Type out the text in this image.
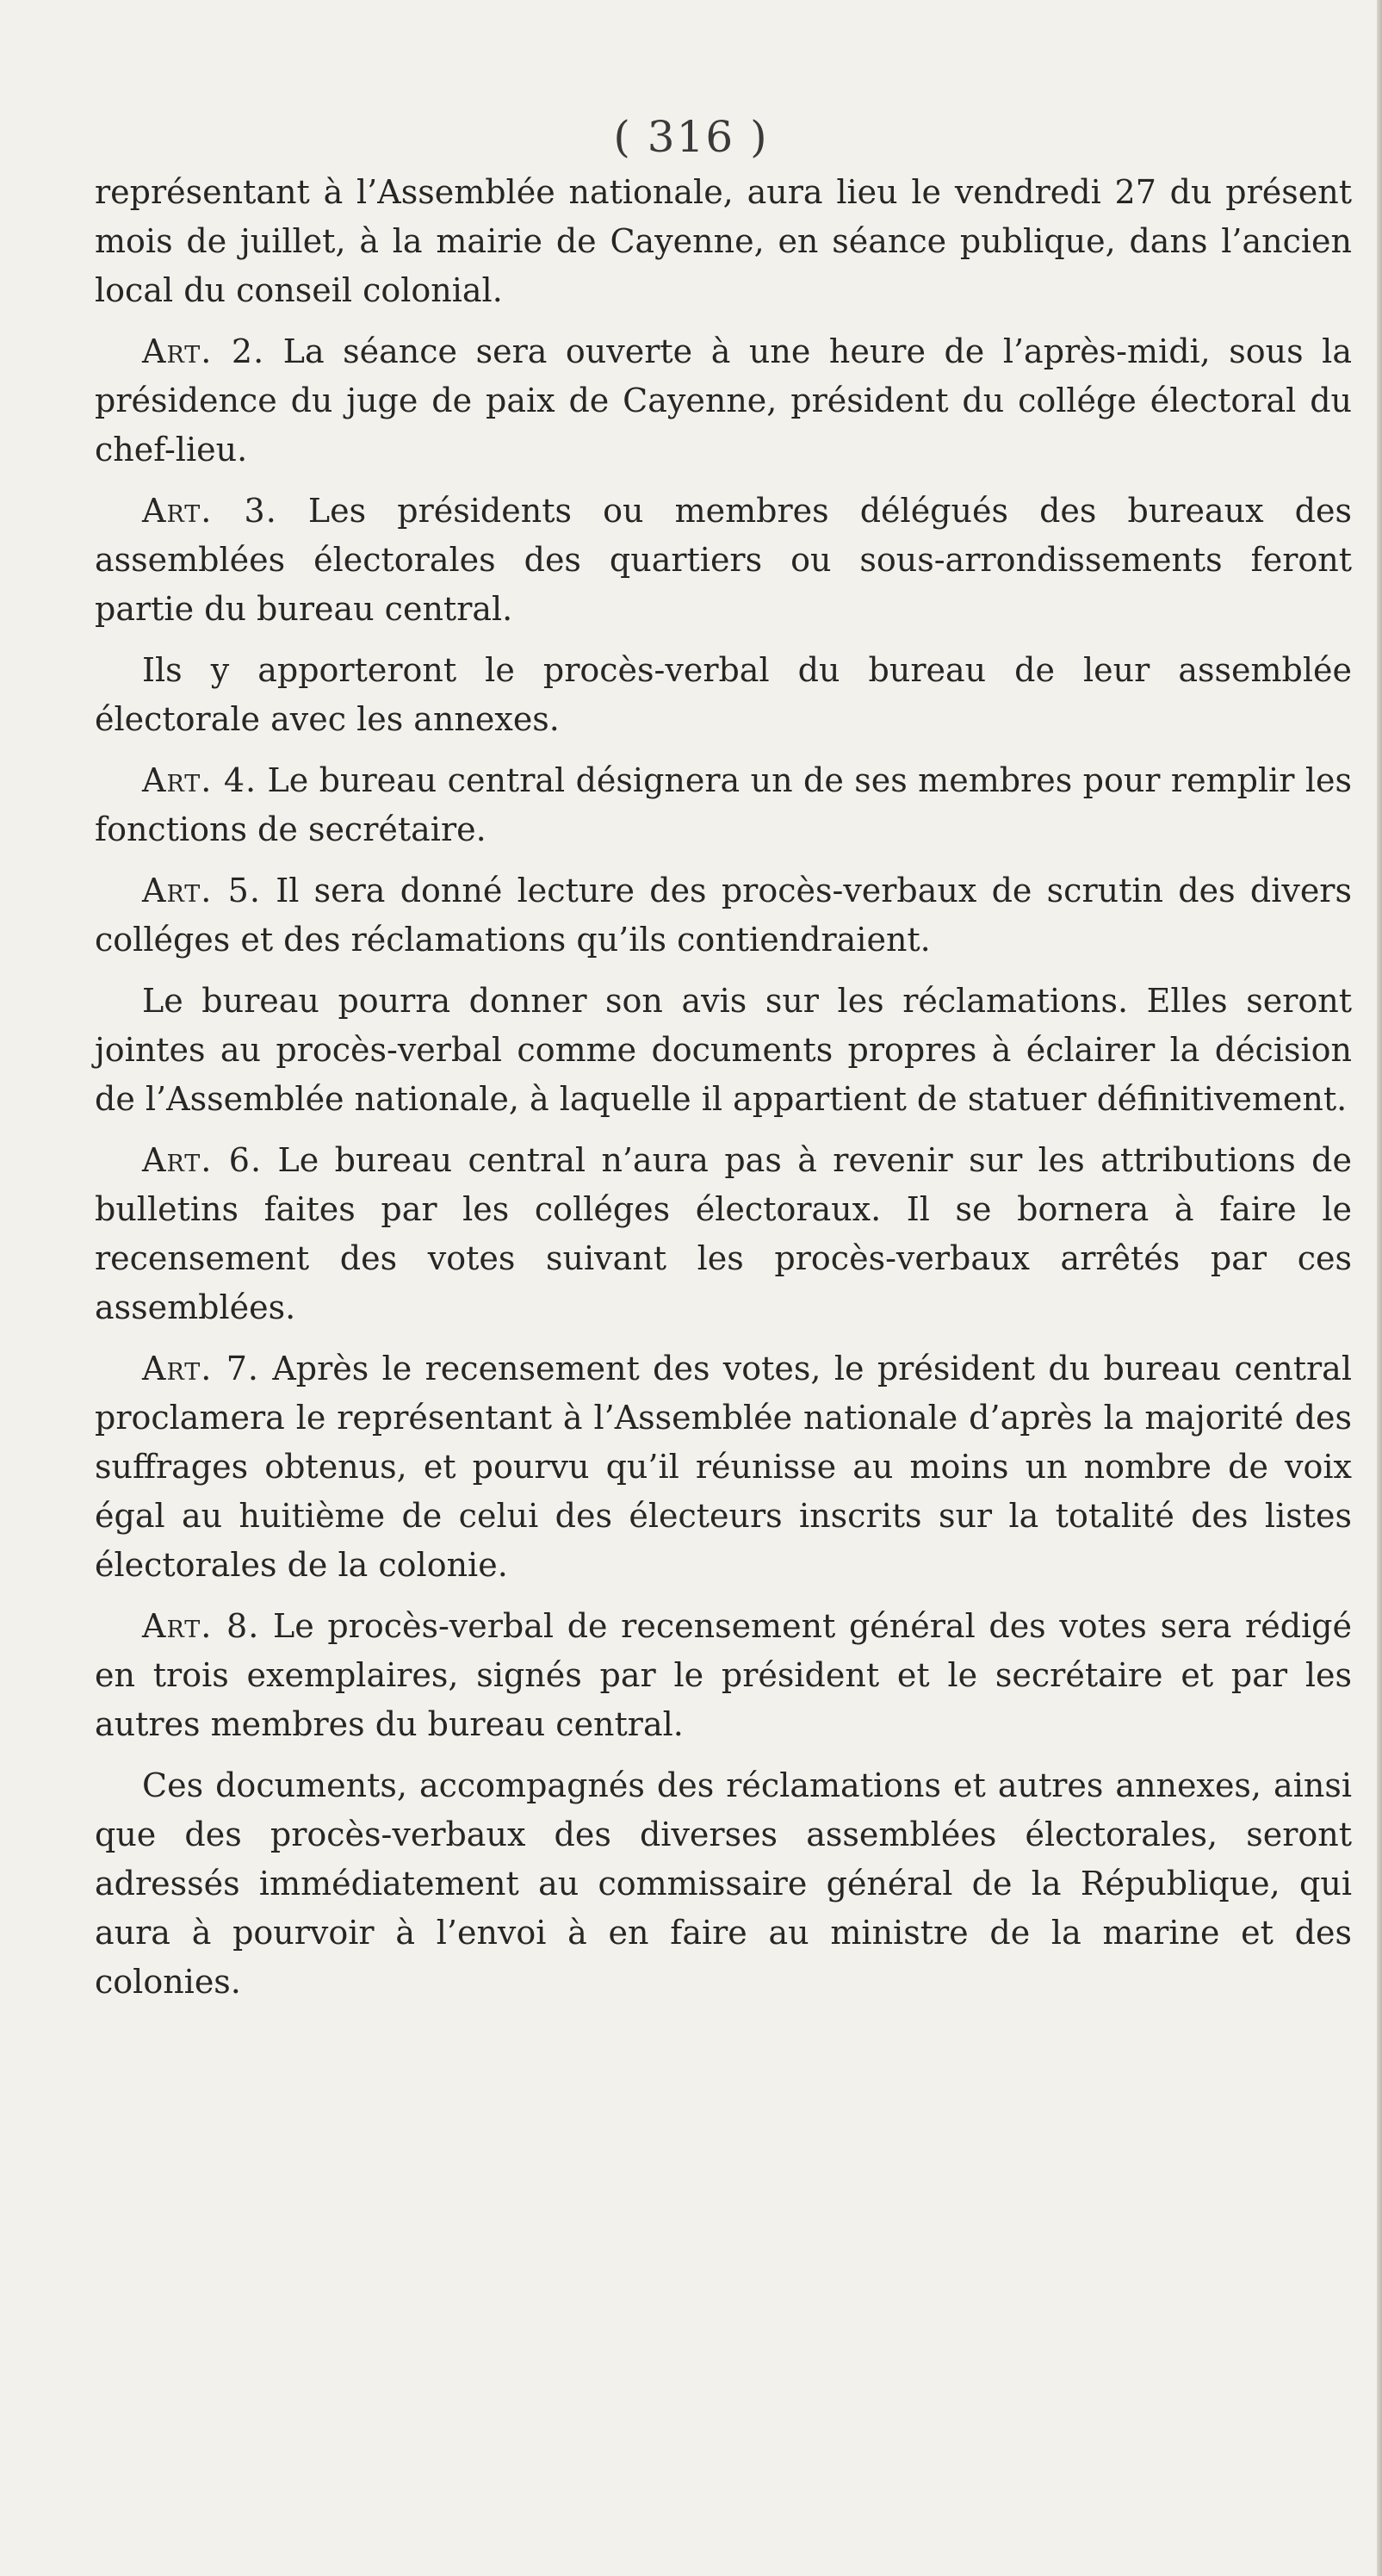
( 316 )

représentant à l’Assemblée nationale, aura lieu le vendredi 27 du présent mois de juillet, à la mairie de Cayenne, en séance publique, dans l’ancien local du conseil colonial.

Art. 2. La séance sera ouverte à une heure de l’après-midi, sous la présidence du juge de paix de Cayenne, président du collége électoral du chef-lieu.

Art. 3. Les présidents ou membres délégués des bureaux des assemblées électorales des quartiers ou sous-arrondissements feront partie du bureau central.

Ils y apporteront le procès-verbal du bureau de leur assemblée électorale avec les annexes.

Art. 4. Le bureau central désignera un de ses membres pour remplir les fonctions de secrétaire.

Art. 5. Il sera donné lecture des procès-verbaux de scrutin des divers colléges et des réclamations qu’ils contiendraient.

Le bureau pourra donner son avis sur les réclamations. Elles seront jointes au procès-verbal comme documents propres à éclairer la décision de l’Assemblée nationale, à laquelle il appartient de statuer définitivement.

Art. 6. Le bureau central n’aura pas à revenir sur les attributions de bulletins faites par les colléges électoraux. Il se bornera à faire le recensement des votes suivant les procès-verbaux arrêtés par ces assemblées.

Art. 7. Après le recensement des votes, le président du bureau central proclamera le représentant à l’Assemblée nationale d’après la majorité des suffrages obtenus, et pourvu qu’il réunisse au moins un nombre de voix égal au huitième de celui des électeurs inscrits sur la totalité des listes électorales de la colonie.

Art. 8. Le procès-verbal de recensement général des votes sera rédigé en trois exemplaires, signés par le président et le secrétaire et par les autres membres du bureau central.

Ces documents, accompagnés des réclamations et autres annexes, ainsi que des procès-verbaux des diverses assemblées électorales, seront adressés immédiatement au commissaire général de la République, qui aura à pourvoir à l’envoi à en faire au ministre de la marine et des colonies.
